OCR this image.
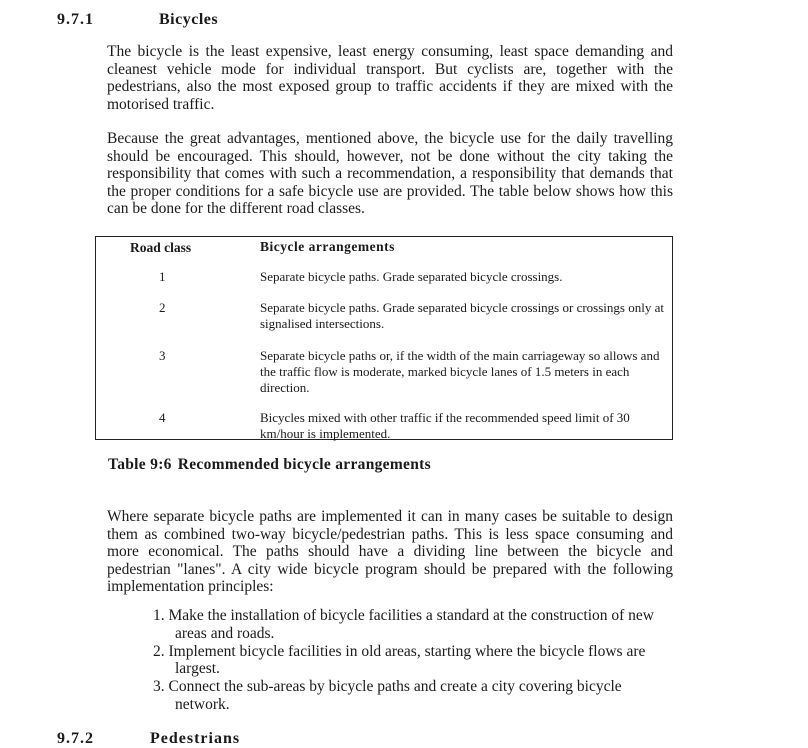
9.7.1	Bicycles

The bicycle is the least expensive, least energy consuming, least space demanding and cleanest vehicle mode for individual transport. But cyclists are, together with the pedestrians, also the most exposed group to traffic accidents if they are mixed with the motorised traffic.

Because the great advantages, mentioned above, the bicycle use for the daily travelling should be encouraged. This should, however, not be done without the city taking the responsibility that comes with such a recommendation, a responsibility that demands that the proper conditions for a safe bicycle use are provided. The table below shows how this can be done for the different road classes.

Road class	Bicycle arrangements
1	Separate bicycle paths. Grade separated bicycle crossings.
2	Separate bicycle paths. Grade separated bicycle crossings or crossings only at signalised intersections.
3	Separate bicycle paths or, if the width of the main carriageway so allows and the traffic flow is moderate, marked bicycle lanes of 1.5 meters in each direction.
4	Bicycles mixed with other traffic if the recommended speed limit of 30 km/hour is implemented.
Table 9:6 Recommended bicycle arrangements

Where separate bicycle paths are implemented it can in many cases be suitable to design them as combined two-way bicycle/pedestrian paths. This is less space consuming and more economical. The paths should have a dividing line between the bicycle and pedestrian "lanes". A city wide bicycle program should be prepared with the following implementation principles:

1. Make the installation of bicycle facilities a standard at the construction of new areas and roads.
2. Implement bicycle facilities in old areas, starting where the bicycle flows are largest.
3. Connect the sub-areas by bicycle paths and create a city covering bicycle network.
9.7.2	Pedestrians
